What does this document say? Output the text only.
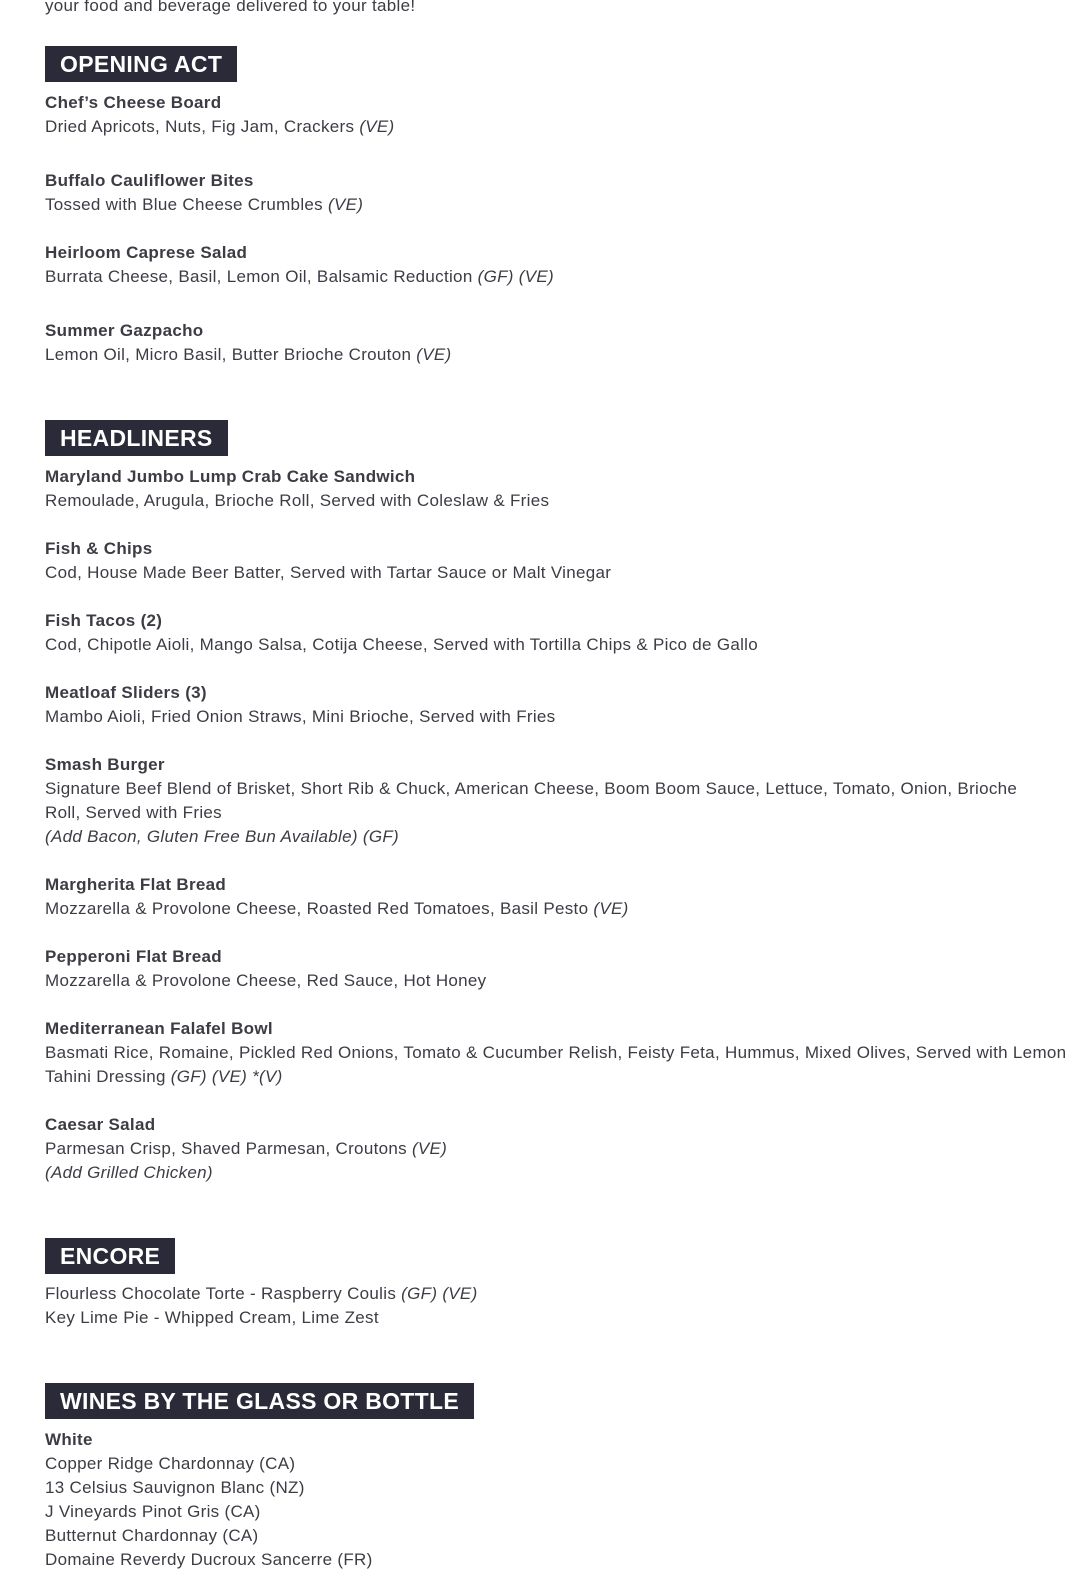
your food and beverage delivered to your table!

OPENING ACT
Chef’s Cheese Board
Dried Apricots, Nuts, Fig Jam, Crackers (VE)
Buffalo Cauliflower Bites
Tossed with Blue Cheese Crumbles (VE)
Heirloom Caprese Salad
Burrata Cheese, Basil, Lemon Oil, Balsamic Reduction (GF) (VE)
Summer Gazpacho
Lemon Oil, Micro Basil, Butter Brioche Crouton (VE)
HEADLINERS
Maryland Jumbo Lump Crab Cake Sandwich
Remoulade, Arugula, Brioche Roll, Served with Coleslaw & Fries
Fish & Chips
Cod, House Made Beer Batter, Served with Tartar Sauce or Malt Vinegar
Fish Tacos (2)
Cod, Chipotle Aioli, Mango Salsa, Cotija Cheese, Served with Tortilla Chips & Pico de Gallo
Meatloaf Sliders (3)
Mambo Aioli, Fried Onion Straws, Mini Brioche, Served with Fries
Smash Burger
Signature Beef Blend of Brisket, Short Rib & Chuck, American Cheese, Boom Boom Sauce, Lettuce, Tomato, Onion, Brioche Roll, Served with Fries
(Add Bacon, Gluten Free Bun Available) (GF)
Margherita Flat Bread
Mozzarella & Provolone Cheese, Roasted Red Tomatoes, Basil Pesto (VE)
Pepperoni Flat Bread
Mozzarella & Provolone Cheese, Red Sauce, Hot Honey
Mediterranean Falafel Bowl
Basmati Rice, Romaine, Pickled Red Onions, Tomato & Cucumber Relish, Feisty Feta, Hummus, Mixed Olives, Served with Lemon Tahini Dressing (GF) (VE) *(V)
Caesar Salad
Parmesan Crisp, Shaved Parmesan, Croutons (VE)
(Add Grilled Chicken)
ENCORE
Flourless Chocolate Torte - Raspberry Coulis (GF) (VE)
Key Lime Pie - Whipped Cream, Lime Zest
WINES BY THE GLASS OR BOTTLE
White
Copper Ridge Chardonnay (CA)
13 Celsius Sauvignon Blanc (NZ)
J Vineyards Pinot Gris (CA)
Butternut Chardonnay (CA)
Domaine Reverdy Ducroux Sancerre (FR)
